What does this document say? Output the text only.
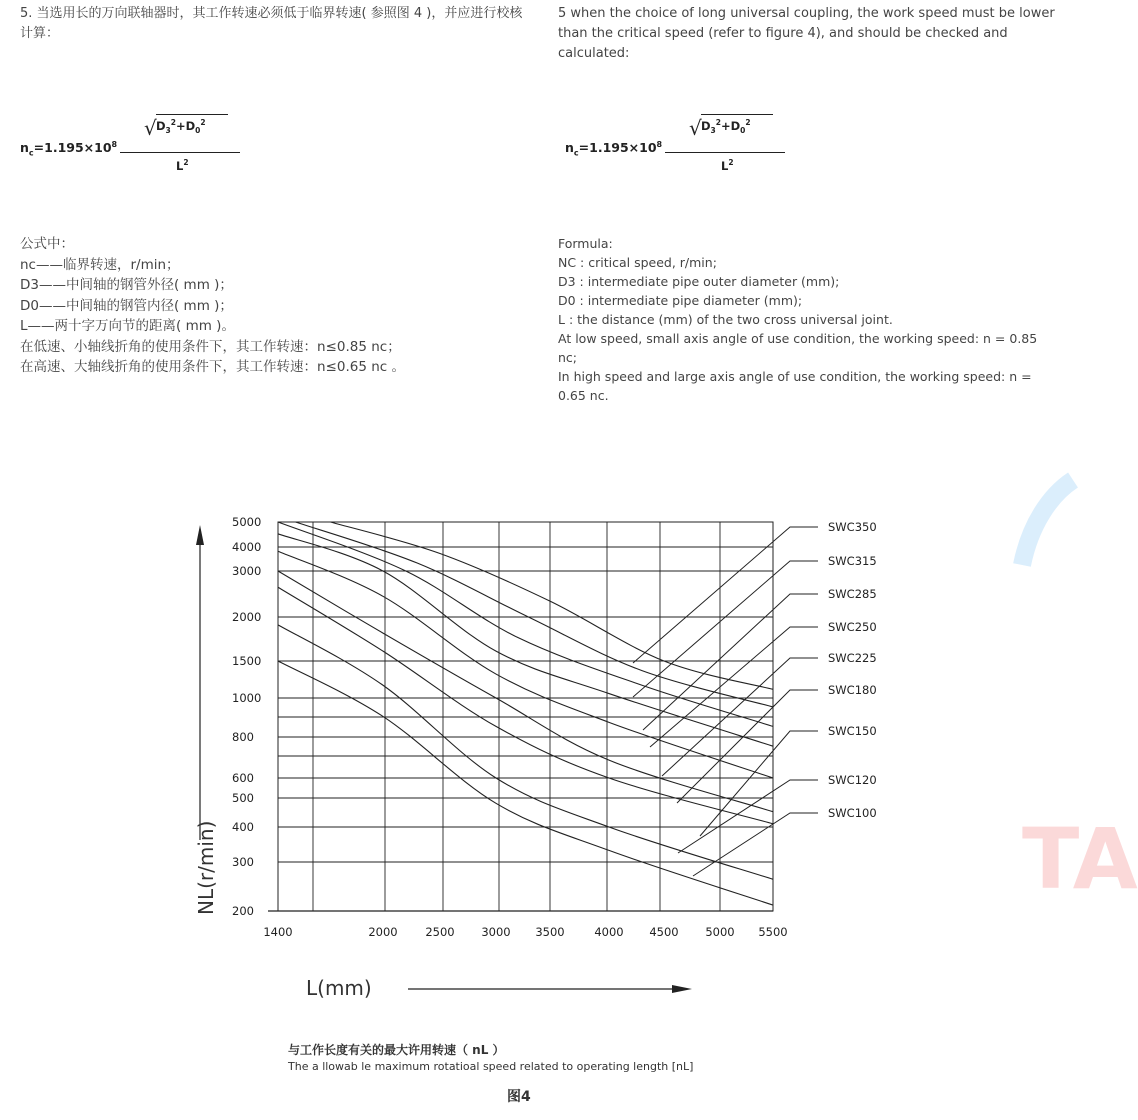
5. 当选用长的万向联轴器时，其工作转速必须低于临界转速( 参照图 4 )，并应进行校核计算：

5 when the choice of long universal coupling, the work speed must be lower than the critical speed (refer to figure 4), and should be checked and calculated:

$n_c=1.195\times 10^8$
√ $D_3^2+D_0^2$
$L^2$
$n_c=1.195\times 10^8$
√ $D_3^2+D_0^2$
$L^2$

公式中：

nc——临界转速，r/min；

D3——中间轴的钢管外径( mm )；

D0——中间轴的钢管内径( mm )；

L——两十字万向节的距离( mm )。

在低速、小轴线折角的使用条件下，其工作转速：n≤0.85 nc；

在高速、大轴线折角的使用条件下，其工作转速：n≤0.65 nc 。

Formula:

NC : critical speed, r/min;

D3 : intermediate pipe outer diameter (mm);

D0 : intermediate pipe diameter (mm);

L : the distance (mm) of the two cross universal joint.

At low speed, small axis angle of use condition, the working speed: n = 0.85 nc;

In high speed and large axis angle of use condition, the working speed: n = 0.65 nc.

TA
200
300
400
500
600
800
1000
1500
2000
3000
4000
5000
1400	2000 2500 3000 3500	4000 4500 5000 5500
SWC350
SWC315
SWC285
SWC250
SWC225
SWC180
SWC150
SWC120
SWC100
NL(r/min)
L(mm)
与工作长度有关的最大许用转速（ nL ）
The a llowab le maximum rotatioal speed related to operating length [nL]
图4
